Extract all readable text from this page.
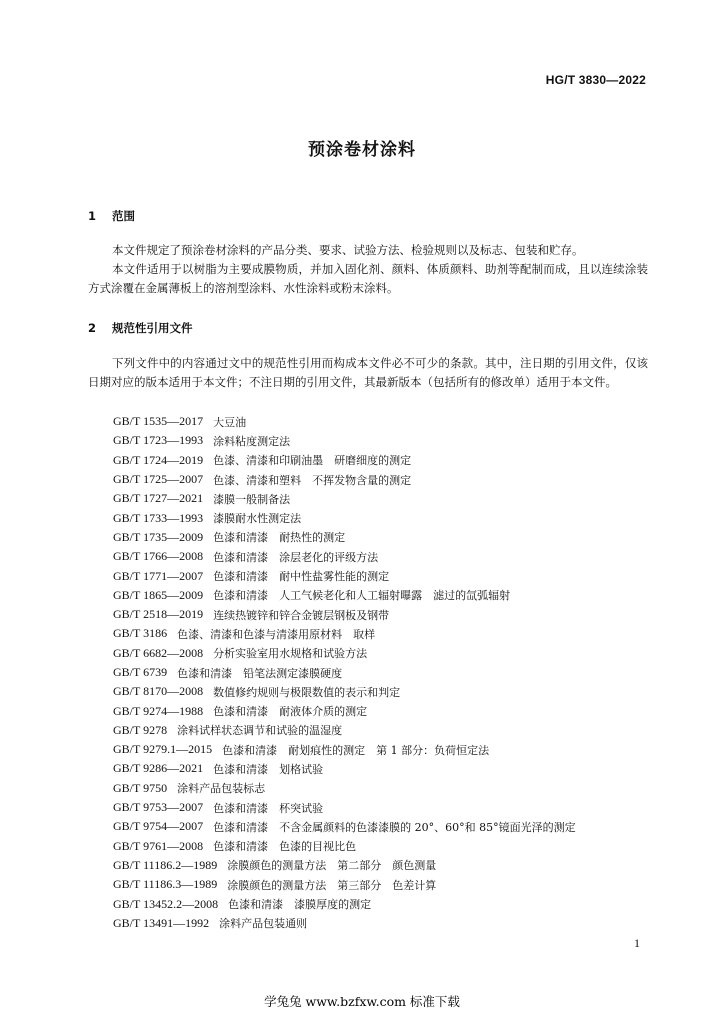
HG/T 3830—2022
预涂卷材涂料
1 范围
本文件规定了预涂卷材涂料的产品分类、要求、试验方法、检验规则以及标志、包装和贮存。
本文件适用于以树脂为主要成膜物质，并加入固化剂、颜料、体质颜料、助剂等配制而成，且以连续涂装方式涂覆在金属薄板上的溶剂型涂料、水性涂料或粉末涂料。
2 规范性引用文件
下列文件中的内容通过文中的规范性引用而构成本文件必不可少的条款。其中，注日期的引用文件，仅该日期对应的版本适用于本文件；不注日期的引用文件，其最新版本（包括所有的修改单）适用于本文件。
GB/T 1535—2017 大豆油
GB/T 1723—1993 涂料粘度测定法
GB/T 1724—2019 色漆、清漆和印刷油墨　研磨细度的测定
GB/T 1725—2007 色漆、清漆和塑料　不挥发物含量的测定
GB/T 1727—2021 漆膜一般制备法
GB/T 1733—1993 漆膜耐水性测定法
GB/T 1735—2009 色漆和清漆　耐热性的测定
GB/T 1766—2008 色漆和清漆　涂层老化的评级方法
GB/T 1771—2007 色漆和清漆　耐中性盐雾性能的测定
GB/T 1865—2009 色漆和清漆　人工气候老化和人工辐射曝露　滤过的氙弧辐射
GB/T 2518—2019 连续热镀锌和锌合金镀层钢板及钢带
GB/T 3186 色漆、清漆和色漆与清漆用原材料　取样
GB/T 6682—2008 分析实验室用水规格和试验方法
GB/T 6739 色漆和清漆　铅笔法测定漆膜硬度
GB/T 8170—2008 数值修约规则与极限数值的表示和判定
GB/T 9274—1988 色漆和清漆　耐液体介质的测定
GB/T 9278 涂料试样状态调节和试验的温湿度
GB/T 9279.1—2015 色漆和清漆　耐划痕性的测定　第 1 部分：负荷恒定法
GB/T 9286—2021 色漆和清漆　划格试验
GB/T 9750 涂料产品包装标志
GB/T 9753—2007 色漆和清漆　杯突试验
GB/T 9754—2007 色漆和清漆　不含金属颜料的色漆漆膜的 20°、60°和 85°镜面光泽的测定
GB/T 9761—2008 色漆和清漆　色漆的目视比色
GB/T 11186.2—1989 涂膜颜色的测量方法　第二部分　颜色测量
GB/T 11186.3—1989 涂膜颜色的测量方法　第三部分　色差计算
GB/T 13452.2—2008 色漆和清漆　漆膜厚度的测定
GB/T 13491—1992 涂料产品包装通则
1
学兔兔 www.bzfxw.com 标准下载
